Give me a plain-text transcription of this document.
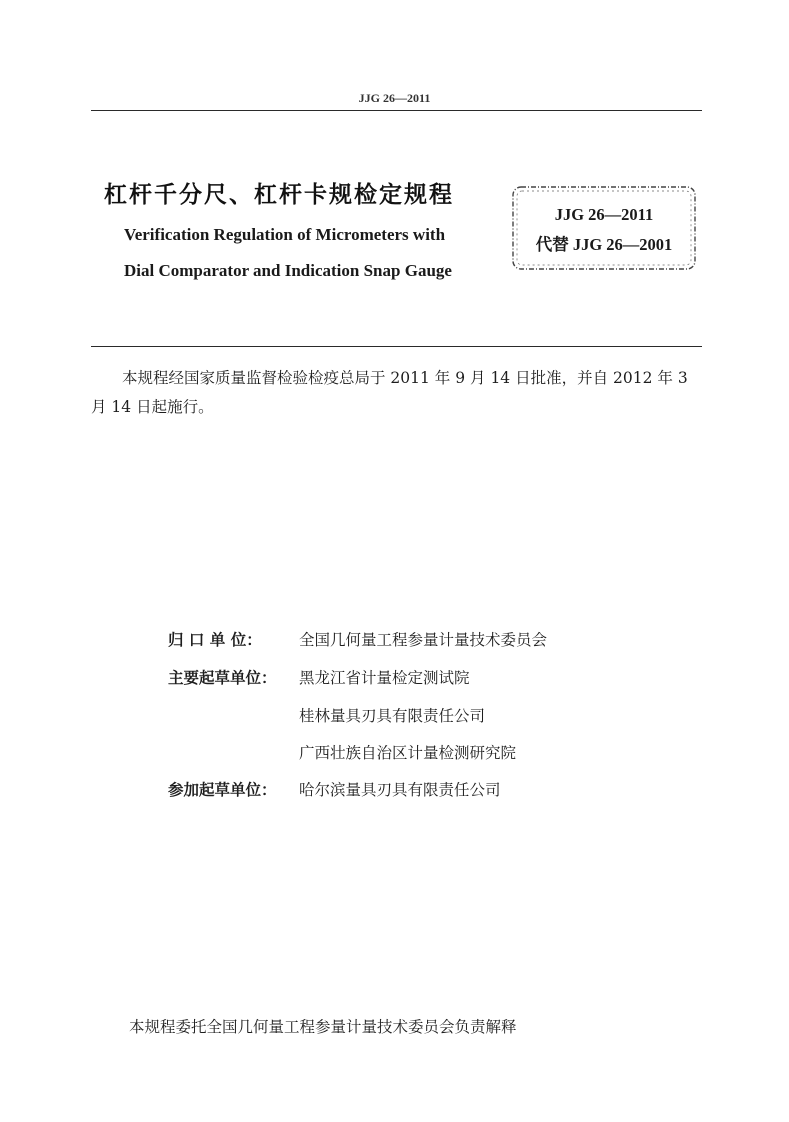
JJG 26—2011
杠杆千分尺、杠杆卡规检定规程
Verification Regulation of Micrometers with
Dial Comparator and Indication Snap Gauge
JJG 26—2011
代替 JJG 26—2001
本规程经国家质量监督检验检疫总局于 2011 年 9 月 14 日批准，并自 2012 年 3 月 14 日起施行。
归 口 单 位： 全国几何量工程参量计量技术委员会
主要起草单位： 黑龙江省计量检定测试院
桂林量具刃具有限责任公司
广西壮族自治区计量检测研究院
参加起草单位： 哈尔滨量具刃具有限责任公司
本规程委托全国几何量工程参量计量技术委员会负责解释
